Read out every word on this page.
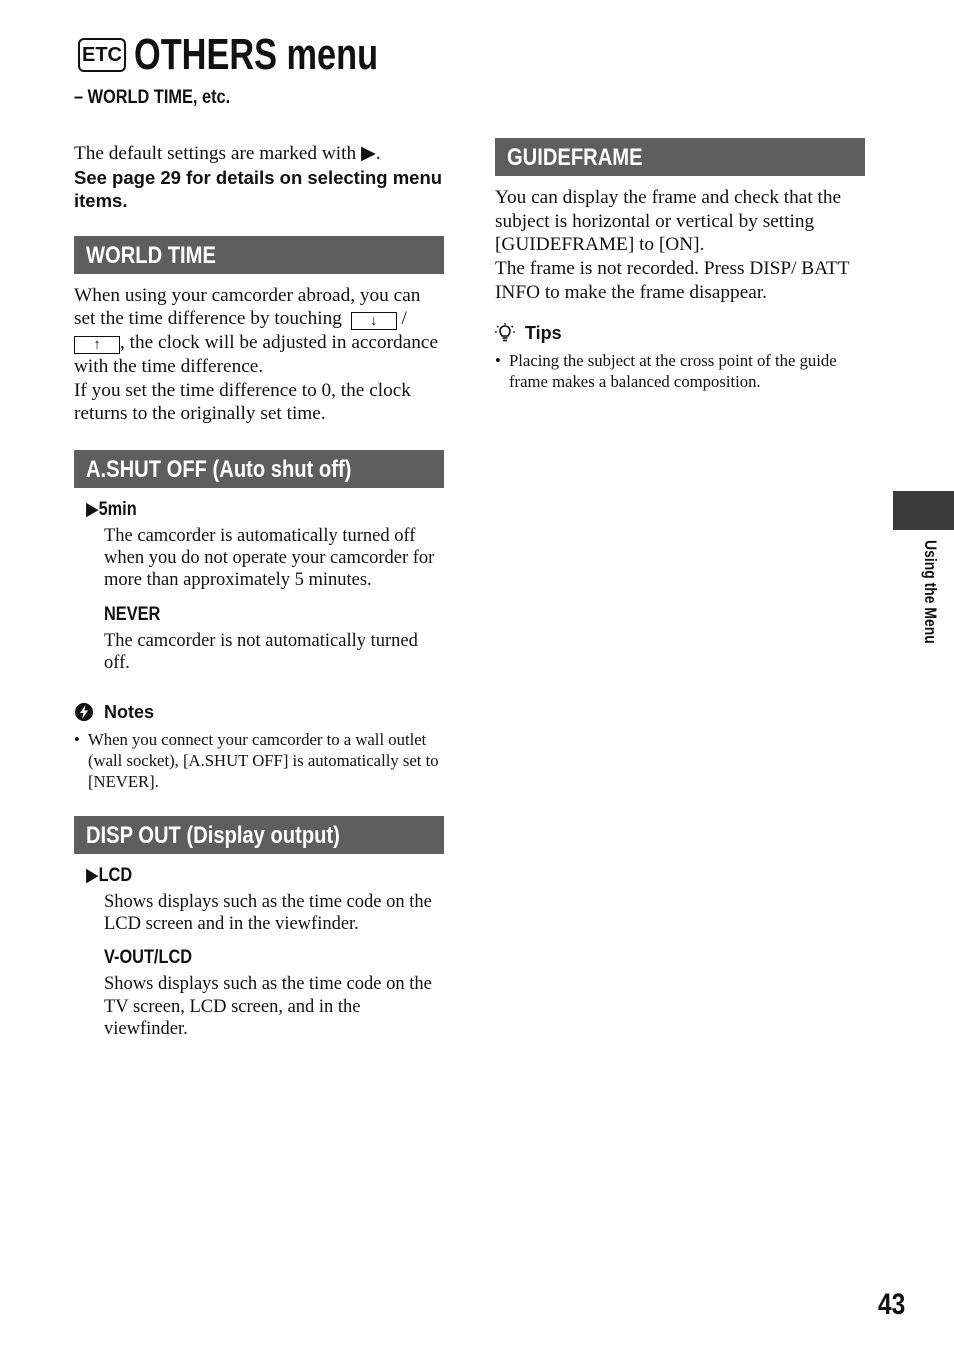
ETC OTHERS menu
– WORLD TIME, etc.

The default settings are marked with ▶.

See page 29 for details on selecting menu items.

WORLD TIME

When using your camcorder abroad, you can set the time difference by touching ↓ / ↑ , the clock will be adjusted in accordance with the time difference.

If you set the time difference to 0, the clock returns to the originally set time.

A.SHUT OFF (Auto shut off)
▶5min

The camcorder is automatically turned off when you do not operate your camcorder for more than approximately 5 minutes.

NEVER

The camcorder is not automatically turned off.

Notes

• When you connect your camcorder to a wall outlet (wall socket), [A.SHUT OFF] is automatically set to [NEVER].

DISP OUT (Display output)
▶LCD

Shows displays such as the time code on the LCD screen and in the viewfinder.

V-OUT/LCD

Shows displays such as the time code on the TV screen, LCD screen, and in the viewfinder.

GUIDEFRAME

You can display the frame and check that the subject is horizontal or vertical by setting [GUIDEFRAME] to [ON].

The frame is not recorded. Press DISP/ BATT INFO to make the frame disappear.

Tips

• Placing the subject at the cross point of the guide frame makes a balanced composition.

Using the Menu
43
